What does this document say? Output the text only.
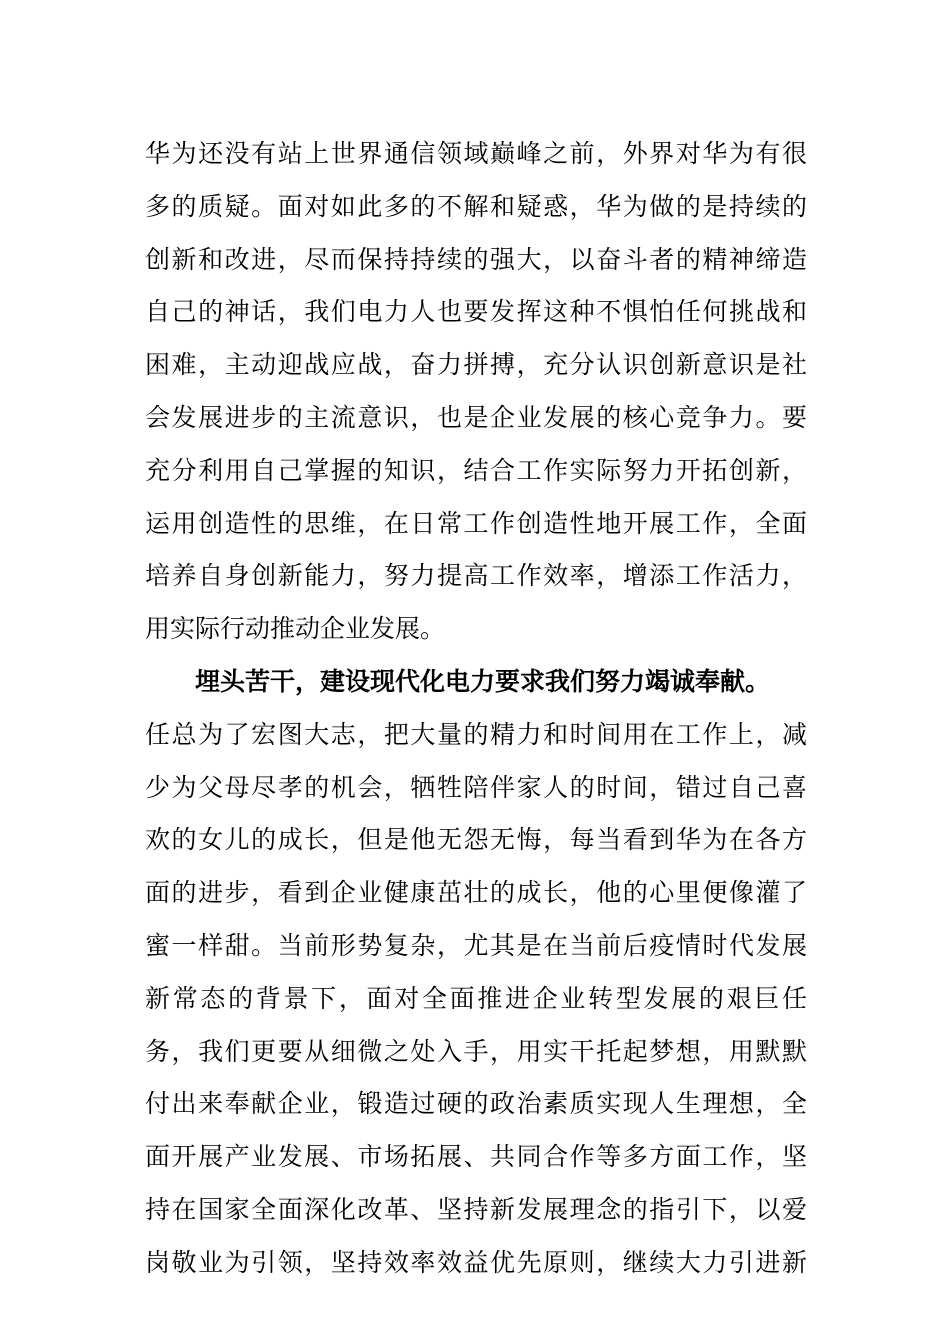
华为还没有站上世界通信领域巅峰之前，外界对华为有很
多的质疑。面对如此多的不解和疑惑，华为做的是持续的
创新和改进，尽而保持持续的强大，以奋斗者的精神缔造
自己的神话，我们电力人也要发挥这种不惧怕任何挑战和
困难，主动迎战应战，奋力拼搏，充分认识创新意识是社
会发展进步的主流意识，也是企业发展的核心竞争力。要
充分利用自己掌握的知识，结合工作实际努力开拓创新，
运用创造性的思维，在日常工作创造性地开展工作，全面
培养自身创新能力，努力提高工作效率，增添工作活力，
用实际行动推动企业发展。
埋头苦干，建设现代化电力要求我们努力竭诚奉献。
任总为了宏图大志，把大量的精力和时间用在工作上，减
少为父母尽孝的机会，牺牲陪伴家人的时间，错过自己喜
欢的女儿的成长，但是他无怨无悔，每当看到华为在各方
面的进步，看到企业健康茁壮的成长，他的心里便像灌了
蜜一样甜。当前形势复杂，尤其是在当前后疫情时代发展
新常态的背景下，面对全面推进企业转型发展的艰巨任
务，我们更要从细微之处入手，用实干托起梦想，用默默
付出来奉献企业，锻造过硬的政治素质实现人生理想，全
面开展产业发展、市场拓展、共同合作等多方面工作，坚
持在国家全面深化改革、坚持新发展理念的指引下，以爱
岗敬业为引领，坚持效率效益优先原则，继续大力引进新
